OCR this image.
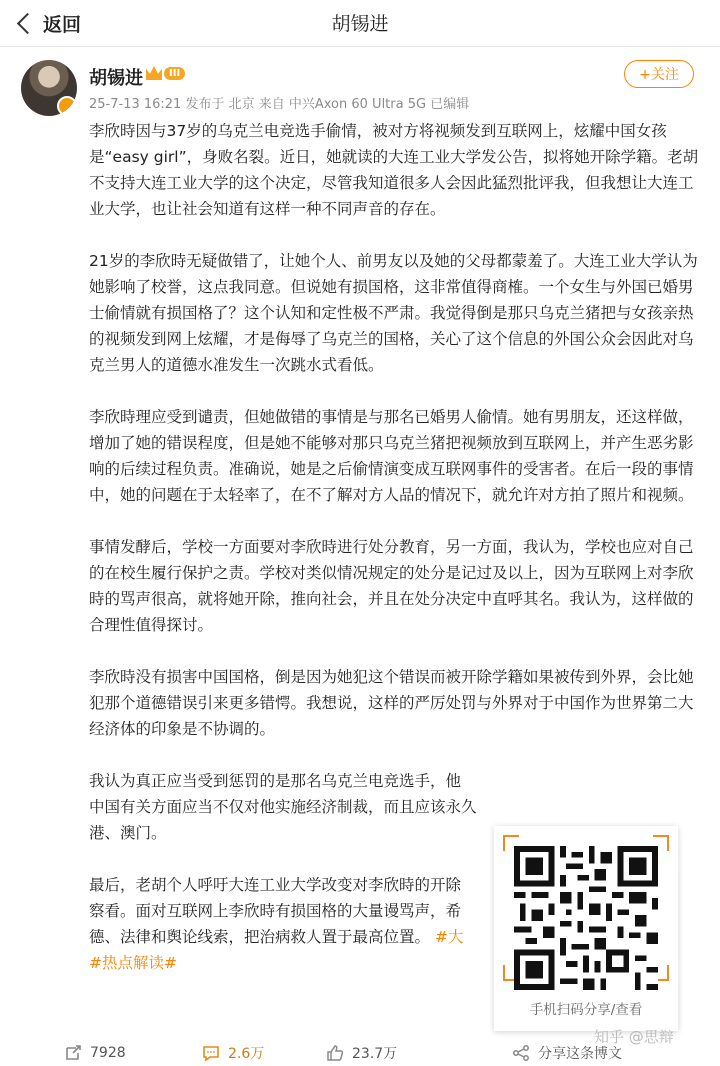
返回	胡锡进
胡锡进	III
25-7-13 16:21 发布于 北京 来自 中兴Axon 60 Ultra 5G 已编辑
+关注

李欣時因与37岁的乌克兰电竞选手偷情，被对方将视频发到互联网上，炫耀中国女孩是“easy girl”，身败名裂。近日，她就读的大连工业大学发公告，拟将她开除学籍。老胡不支持大连工业大学的这个决定，尽管我知道很多人会因此猛烈批评我，但我想让大连工业大学，也让社会知道有这样一种不同声音的存在。

21岁的李欣時无疑做错了，让她个人、前男友以及她的父母都蒙羞了。大连工业大学认为她影响了校誉，这点我同意。但说她有损国格，这非常值得商榷。一个女生与外国已婚男士偷情就有损国格了？这个认知和定性极不严肃。我觉得倒是那只乌克兰猪把与女孩亲热的视频发到网上炫耀，才是侮辱了乌克兰的国格，关心了这个信息的外国公众会因此对乌克兰男人的道德水准发生一次跳水式看低。

李欣時理应受到谴责，但她做错的事情是与那名已婚男人偷情。她有男朋友，还这样做，增加了她的错误程度，但是她不能够对那只乌克兰猪把视频放到互联网上，并产生恶劣影响的后续过程负责。准确说，她是之后偷情演变成互联网事件的受害者。在后一段的事情中，她的问题在于太轻率了，在不了解对方人品的情况下，就允许对方拍了照片和视频。

事情发酵后，学校一方面要对李欣時进行处分教育，另一方面，我认为，学校也应对自己的在校生履行保护之责。学校对类似情况规定的处分是记过及以上，因为互联网上对李欣時的骂声很高，就将她开除，推向社会，并且在处分决定中直呼其名。我认为，这样做的合理性值得探讨。

李欣時没有损害中国国格，倒是因为她犯这个错误而被开除学籍如果被传到外界，会比她犯那个道德错误引来更多错愕。我想说，这样的严厉处罚与外界对于中国作为世界第二大经济体的印象是不协调的。

我认为真正应当受到惩罚的是那名乌克兰电竞选手，他
中国有关方面应当不仅对他实施经济制裁，而且应该永久
港、澳门。

最后，老胡个人呼吁大连工业大学改变对李欣時的开除
察看。面对互联网上李欣時有损国格的大量谩骂声，希
德、法律和舆论线索，把治病救人置于最高位置。 #大
#热点解读#

手机扫码分享/查看
7928	2.6万	23.7万	分享这条博文
知乎 @思辩
